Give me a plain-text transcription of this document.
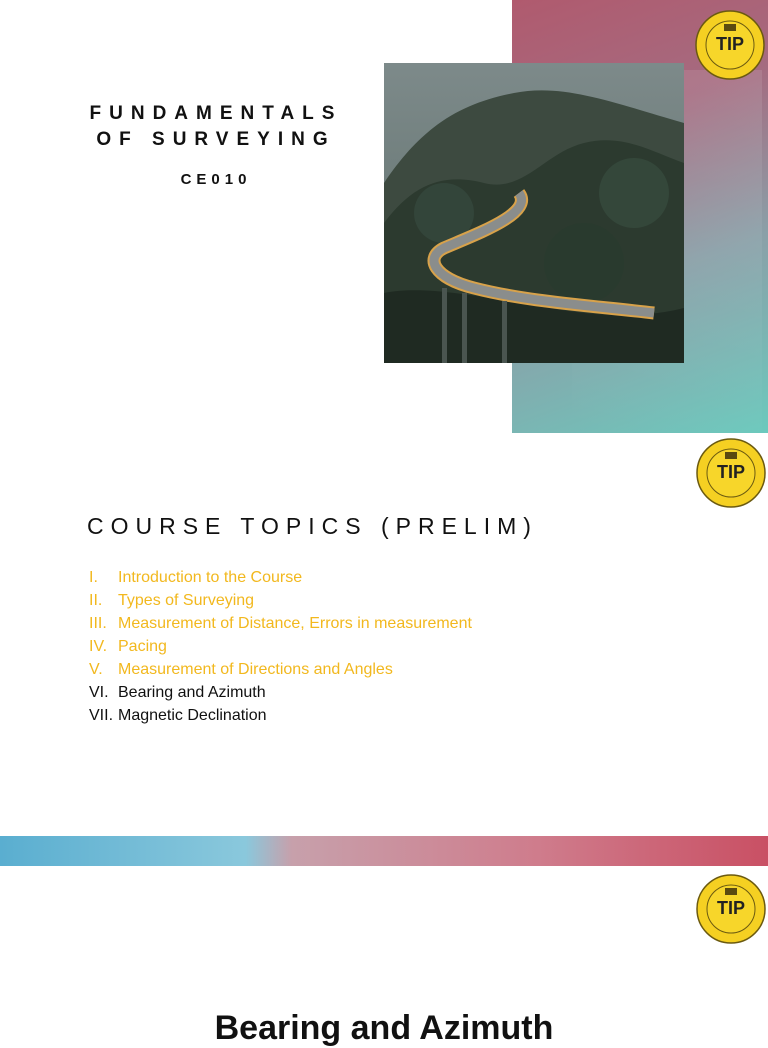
FUNDAMENTALS
OF SURVEYING
CE010
TIP
TIP
COURSE TOPICS (PRELIM)
I. Introduction to the Course
II. Types of Surveying
III. Measurement of Distance, Errors in measurement
IV. Pacing
V. Measurement of Directions and Angles
VI. Bearing and Azimuth
VII. Magnetic Declination
TIP
Bearing and Azimuth
